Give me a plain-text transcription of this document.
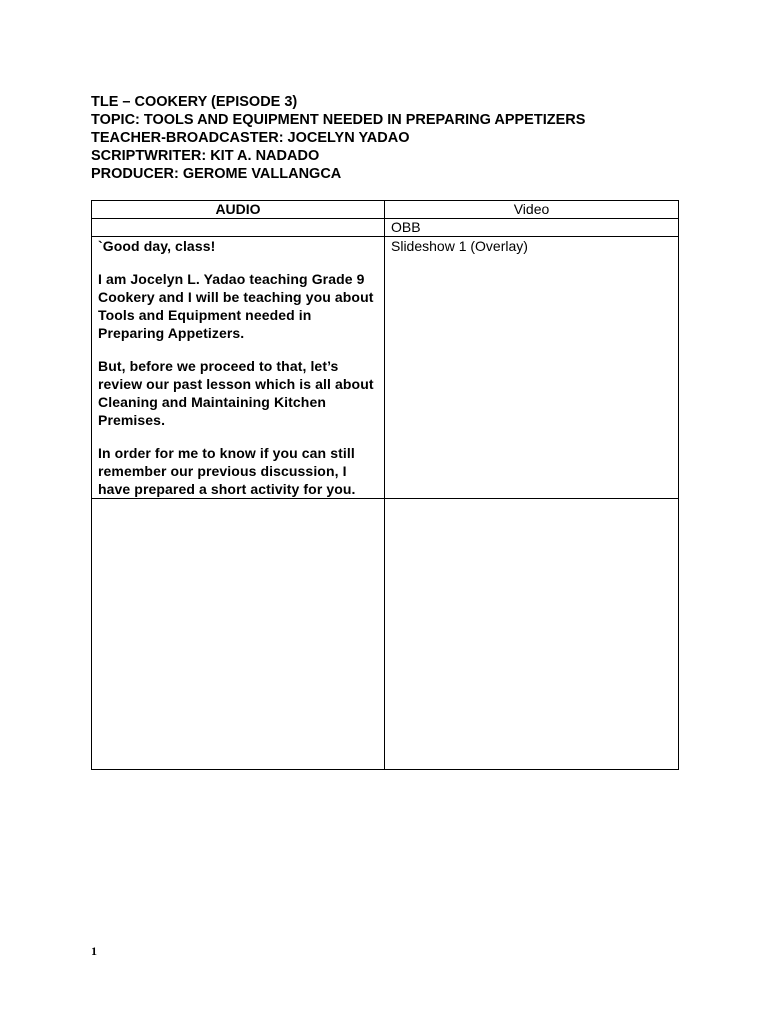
TLE – COOKERY (EPISODE 3)
TOPIC: TOOLS AND EQUIPMENT NEEDED IN PREPARING APPETIZERS
TEACHER-BROADCASTER: JOCELYN YADAO
SCRIPTWRITER: KIT A. NADADO
PRODUCER: GEROME VALLANGCA
AUDIO	Video
	OBB

`Good day, class!

I am Jocelyn L. Yadao teaching Grade 9 Cookery and I will be teaching you about Tools and Equipment needed in Preparing Appetizers.

But, before we proceed to that, let’s review our past lesson which is all about Cleaning and Maintaining Kitchen Premises.

In order for me to know if you can still remember our previous discussion, I have prepared a short activity for you.	Slideshow 1 (Overlay)

1
